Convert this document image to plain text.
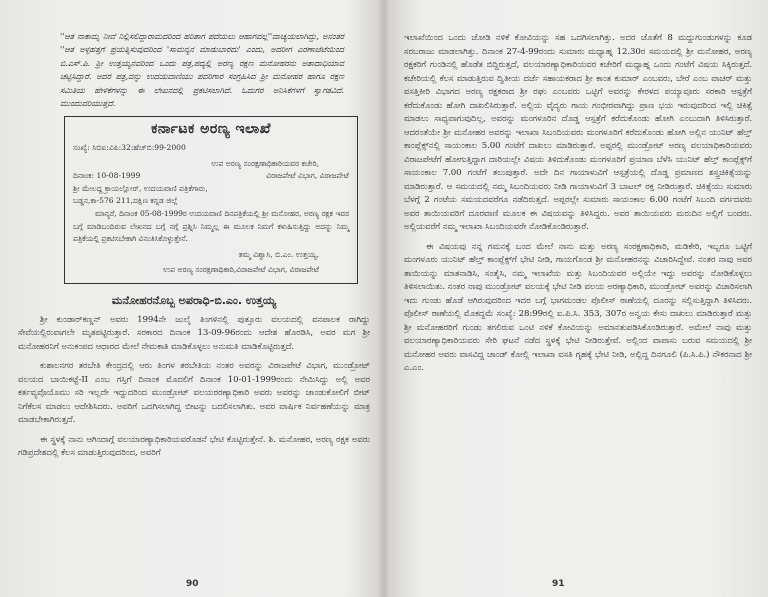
''ಆತ ನಾಕಾಮ್ನ ನೀವೆ ನಿಲ್ಲಿಸಲಿದ್ದಾರಾಮದರಿಂದ ಹರಿತಾಗ ಪದೆಯಲು ಆಹಾಗವಲ್ಲ''ವಾಚ್ಯಯಲಾಗಿದ್ದು, ಅನಂತರ ''ಆತ ಅಳ್ಳಹತ್ತಗೆ ಪ್ರಯತ್ನಿಸುವುದರಿಂದ 'ಸಾಮನ್ಯನ ಮಾಡುಬಾರದು' ಎಂದು, ಅದರೀಗ ಎರಣಾಜೆಟೆಯಿಂದ ಬಿ.ಎಸ್.ಪಿ. ಶ್ರೀ ಉತ್ತಯ್ಯನವರಿಂದ ಒಂದು ಪತ್ರ,ಪದ್ಯಲ್ಲಿ ಅರಣ್ಯ ರಕ್ಷಣ ಮನೋಹರನು ಅತಾದಾಧಿಯಾವ ಚಟ್ಟಿಸಿದ್ದಾರೆ. ಅದರ ಪತ್ರ,ವನ್ನು ಉದಯವಾಣಿಯು ಪದರಿಗಾರ ಸಂಗ್ರಹಿಸಿದ ಶ್ರೀ ಮನೋಹರ ಹಾಗೂ ರಕ್ಷಣ ಸಮಿತಿಯ ಹೇಳಿಕೆಗಳನ್ನು ಈ ಲೇಖನದಲ್ಲಿ ಪ್ರಕಟಿಸಲಾಗಿದೆ. ಓದುಗರ ಅನಿಸಿಕೆಗಳಗೆ ಸ್ವಾಗತವಿದೆ. ಮುಂದುವರಿಯುತ್ತದೆ.

ಕರ್ನಾಟಕ ಅರಣ್ಯ ಇಲಾಖೆ
ಸಂಖ್ಯೆ: ಸಿಬಿಐ:ವಿಪಿ:32:ಹೆಚ್‌ಬಿ:99-2000
ಉಪ ಅರಣ್ಯ ಸಂರಕ್ಷಣಾಧಿಕಾರಿಯವರ ಕಚೇರಿ,
ದಿನಾಂಕ: 10-08-1999	ವಿರಾಜಪೇಟೆ ವಿಭಾಗ, ವಿರಾಜಪೇಟೆ
ಶ್ರೀ ಮೇಲದ್ದ ಕ್ರಾಯಲ್ಲೋರ್, ಉದಯವಾಣಿ ಪತ್ರಿಕೆಗಾರು,
ಬಡ್ಡನ,ಕಾ-576 211,ದಕ್ಷಿಣ ಕನ್ನಡ ಜಿಲ್ಲೆ
ಮಾನ್ಯರೆ, ದಿನಾಂಕ 05-08-1999ರ ಉದಯವಾಣಿ ದಿನಪತ್ರಿಕೆಯಲ್ಲಿ ಶ್ರೀ ಮನೋಹರ, ಅರಣ್ಯ ರಕ್ಷಕ ಇವರ ಬಗ್ಗೆ ಮಾಡಿಬಂದಿರುವ ಲೇಖನದ ಬಗ್ಗೆ ನಗ್ಗೆ ಪ್ರಶ್ನಿಸಿ ನಿಮ್ಮಲ್ಲ ಈ ಮೂಲಕ ನಿಮಗೆ ಕಳುಹಿಸುತ್ತಿದ್ದು ಅದನ್ನು ನಿಮ್ಮ ಪತ್ರಿಕೆಯಲ್ಲಿ ಪ್ರಕಟಿಸಬೇಕಾಗಿ ವಿನಂತಿಸಿಕೊಳ್ಳುತ್ತೇನೆ.
ತಮ್ಮ ವಿಶ್ವಾಸಿ, ಬಿ.ಎಂ. ಉತ್ತಯ್ಯ,
ಉಪ ಅರಣ್ಯ ಸಂರಕ್ಷಣಾಧಿಕಾರಿ,ವಿರಾಜಪೇಟೆ ವಿಭಾಗ, ವಿರಾಜಪೇಟೆ
ಮನೋಹರನೊಬ್ಬ ಅಪರಾಧಿ-ಬಿ.ಎಂ. ಉತ್ತಯ್ಯ

ಶ್ರೀ ಕುಂಡಾರ್‌ಕಣ್ಣನ್ ಅವರು 1994ನೇ ಜುಲೈ ತಿಂಗಳಿನಲ್ಲಿ ಪುತ್ತೂರು ವಲಯದಲ್ಲಿ ವನಪಾಲಕ ರಾಗಿದ್ದು ಸೇವೆಯಲ್ಲಿರುವಾಗಲೇ ಮೃತಪಟ್ಟಿರುತ್ತಾರೆ. ಸರಕಾರದ ದಿನಾಂಕ 13-09-96ರಂದು ಆದೇಶ ಹೊರಡಿಸಿ, ಅವರ ಮಗ ಶ್ರೀ ಮನೋಹರನಿಗೆ ಅನುಕಂಪದ ಆಧಾರದ ಮೇಲೆ ನೇಮಕಾತಿ ಮಾಡಿಕೊಳ್ಳಲು ಅನುಮತಿ ಮಾಡಿಕೊಟ್ಟಿರುತ್ತದೆ.

ಕುಶಾಲನಗರ ತರಬೇತಿ ಕೇಂದ್ರದಲ್ಲಿ ಆರು ತಿಂಗಳ ತರಬೇತಿಯ ನಂತರ ಅವರನ್ನು ವಿರಾಜಪೇಟೆ ವಿಭಾಗ, ಮುಂಡ್ರೋಟ್ ವಲಯದ ಬಾಯಿಕಟ್ಟೆ-II ಎಂಬ ಗಸ್ತಿಗೆ ದಿನಾಂಕ ಮೊದಲಿಗೆ ದಿನಾಂಕ 10-01-1999ರಂದು ನೇಮಿಸಿದ್ದು ಅಲ್ಲಿ ಅವರ ಕರ್ತವ್ಯವೊಯೊಮು ಸರಿ ಇಲ್ಲದೇ ಇದ್ದುದರಿಂದ ಮುಂಡ್ರೋಟ್ ವಲಯರರಣ್ಯಾಧಿಕಾರಿ ಅವರು ಅವರನ್ನು ಚಾಂಡುಕೋಲಿಗೆ ಬೀಟ್ ನಿಗೆಕೆಲಸ ಮಾಡಲು ಆದೇಶಿಸಿದರು. ಅವರಿಗೆ ಒದಗಿಸಲಾಗಿದ್ದ ಬೀಟನ್ನು ಬದಲಿಸಲಾಗಿತು. ಅವರ ವಾರ್ಷಿಕ ನಿರ್ವಹಣೆಯನ್ನು ಮಾತ್ರ ಮಾಡಬೇಕಾಗಿರುತ್ತದೆ.

ಈ ಸ್ಥಳಕ್ಕೆ ನಾನು ಆಗಿಂದಾಗ್ಗೆ ವಲಯಾರಣ್ಯಾಧಿಕಾರಿಯವರೊಡನೆ ಭೇಟಿ ಕೊಟ್ಟಿರುತ್ತೇನೆ. ಶಿ. ಮನೋಹರ, ಅರಣ್ಯ ರಕ್ಷಕ ಅವರು ಗಡಿಪ್ರದೇಶದಲ್ಲಿ ಕೆಲಸ ಮಾಡುತ್ತಿರುವುದರಿಂದ, ಅವರಿಗೆ

90

ಇಲಾಖೆಯಿಂದ ಒಂದು ಜೋಡಿ ನಳಿಕೆ ಕೋವಿಯನ್ನು ಸಹ ಒದಗಿಸಲಾಗಿತ್ತು. ಅದರ ಜೊತೆಗೆ 8 ಮದ್ದುಗುಂಡುಗಳನ್ನು ಕೂಡ ಸರಬರಾಜು ಮಾಡಲಾಗಿತ್ತು. ದಿನಾಂಕ 27-4-99ರಂದು ಸುಮಾರು ಮಧ್ಯಾಹ್ನ 12.30ರ ಸಮಯದಲ್ಲಿ ಶ್ರೀ ಮನೋಹರ, ಅರಣ್ಯ ರಕ್ಷಕರಿಗೆ ಗುಂಡಿನಲ್ಲಿ ಹೊಡೆತ ಬಿದ್ದಿರುತ್ತದೆ, ವಲಯಾರಣ್ಯಾಧಿಕಾರಿಯವರ ಕಚೇರಿಗೆ ಮಧ್ಯಾಹ್ನ ಒಂದು ಗಂಟೆಗೆ ವಿಷಯ ಸಿಕ್ಕಿರುತ್ತದೆ. ಕಚೇರಿಯಲ್ಲಿ ಕೆಲಸ ಮಾಡುತ್ತಿರುವ ದ್ವಿತೀಯ ದರ್ಜೆ ಸಹಾಯಕರಾದ ಶ್ರೀ ಕಾಂತ ಕುಮಾರ್ ಎಂಬವರು, ಬೇರೆ ಎಂಬ ವಾಚರ್ ಮತ್ತು ವಸತ್ತಿಕೀರಿ ವಿಭಾಗದ ಅರಣ್ಯ ರಕ್ಷಕರಾದ ಶ್ರೀ ರಘು ಎಂಬವರು ಒಟ್ಟಿಗೆ ಅವರನ್ನು ಕೇರಳದ ಪಯ್ಯಾವೂರು ಸರಕಾರಿ ಆಸ್ಪತ್ರೆಗೆ ಕರೆದುಕೊಂಡು ಹೋಗಿ ದಾಖಲಿಸಿರುತ್ತಾರೆ. ಅಲ್ಲಿಯ ವೈದ್ಯರು ಗಾಯ ಗಂಭೀರವಾಗಿದ್ದು ಪ್ರಾಣ ಭಯ ಇರುವುದರಿಂದ ಇಲ್ಲಿ ಚಿಕಿತ್ಸೆ ಮಾಡಲು ಸಾಧ್ಯವಾಗುವುದಿಲ್ಲ, ಅವರನ್ನು ಮಂಗಳೂರಿನ ದೊಡ್ಡ ಆಸ್ಪತ್ರೆಗೆ ಕರೆದುಕೊಂಡು ಹೋಗಿ ಎಂಬುದಾಗಿ ತಿಳಿಸಿರುತ್ತಾರೆ. ಆದರಂತೆಯೇ ಶ್ರೀ ಮನೋಹರ ಅವರನ್ನು ಇಲಾಖಾ ಸಿಬಂದಿಯವರು ಮಂಗಳೂರಿಗೆ ಕರೆದುಕೊಂಡು ಹೋಗಿ ಅಲ್ಲಿನ ಯುನಿಟ್ ಹೆಲ್ತ್ ಕಾಂಪ್ಲೆಕ್ಸ್‌ನಲ್ಲಿ ಸಾಯಂಕಾಲ 5.00 ಗಂಟೆಗೆ ದಾಖಲು ಮಾಡಿರುತ್ತಾರೆ. ಅಪ್ಪರಲ್ಲಿ ಮುಂಡ್ರೋಟ್ ಅರಣ್ಯ ವಲಯಾಧಿಕಾರಿಯವರು ವಿರಾಜಪೇಟೆಗೆ ಹೋಗುತ್ತಿದ್ದಾಗ ದಾರಿಯಲ್ಲೇ ವಿಷಯ ತಿಳಿದುಕೊಂಡು ಮಂಗಳೂರಿಗೆ ಪ್ರಯಾಣ ಬೆಳೆಸಿ ಯುನಿಟ್ ಹೆಲ್ತ್ ಕಾಂಪ್ಲೆಕ್ಸ್‌ಗೆ ಸಾಯಂಕಾಲ 7.00 ಗಂಟೆಗೆ ತಲುಪುತ್ತಾರೆ. ಅದೇ ದಿನ ಗಾಯಾಳುವಿಗೆ ಆಸ್ಪತ್ರೆಯಲ್ಲಿ ದೊಡ್ಡ ಪ್ರಮಾಣದ ಶಸ್ತ್ರಚಿಕಿತ್ಸೆಯನ್ನು ಮಾಡಿರುತ್ತಾರೆ. ಆ ಸಮಯದಲ್ಲಿ ನಮ್ಮ ಸಿಬಂದಿಯವರು ನೀಡಿ ಗಾಯಾಳುವಿಗೆ 3 ಬಾಟಲ್ ರಕ್ತ ನೀಡಿರುತ್ತಾರೆ. ಚಿಕಿತ್ಸೆಯು ಸುಮಾರು ಬೆಳಗ್ಗೆ 2 ಗಂಟೆಯ ಸಮಯದವರೆಗೂ ನಡೆದಿರುತ್ತದೆ. ಅಪ್ಪರಲ್ಲೇ ಸುಮಾರು ಸಾಯಂಕಾಲ 6.00 ಗಂಟೆಗೆ ಸಿಬಂದಿ ವರ್ಗದವರು ಅವರ ತಾಯಿಯವರಿಗೆ ದೂರವಾಣಿ ಮೂಲಕ ಈ ವಿಷಯವನ್ನು ತಿಳಿಸಿದ್ದರು. ಅವರ ತಾಯಿಯವರು ಮರುದಿನ ಅಲ್ಲಿಗೆ ಬಂದರು. ಅಲ್ಲಿಯವರೆಗೆ ನಮ್ಮ ಇಲಾಖಾ ಸಿಬಂದಿಯವರೇ ನೋಡಿಕೊಂಡಿರುತ್ತಾರೆ.

ಈ ವಿಷಯವು ನನ್ನ ಗಮನಕ್ಕೆ ಬಂದ ಮೇಲೆ ನಾನು ಮತ್ತು ಅರಣ್ಯ ಸಂರಕ್ಷಣಾಧಿಕಾರಿ, ಮಡಿಕೇರಿ, ಇಬ್ಬರೂ ಒಟ್ಟಿಗೆ ಮಂಗಳೂರು ಯುನಿಟ್ ಹೆಲ್ತ್ ಕಾಂಪ್ಲೆಕ್ಸ್‌ಗೆ ಭೇಟಿ ನೀಡಿ, ಗಾಯಗೊಂಡ ಶ್ರೀ ಮನೋಹರನನ್ನು ವಿಚಾರಿಸಿದ್ದೇವೆ. ನಂತರ ನಾವು ಅವರ ತಾಯಿಯನ್ನು ಮಾತನಾಡಿಸಿ, ಸಂತೈಸಿ, ನಮ್ಮ ಇಲಾಖೆಯ ಮತ್ತು ಸಿಬಂದಿಯವರ ಅಲ್ಲಿಯೇ ಇದ್ದು ಅವರನ್ನು ನೋಡಿಕೊಳ್ಳಲು ತಿಳಿಸಲಾಯಿತು. ನಂತರ ನಾವು ಮುಂಡ್ರೋಟ್ ವಲಯಕ್ಕೆ ಭೇಟಿ ನೀಡಿ ವಲಯ ಅರಣ್ಯಾಧಿಕಾರಿ, ಮುಂಡ್ರೋಟ್ ಅವರನ್ನು ವಿಚಾರಿಸಲಾಗಿ ಇದು ಗುಂಡು ಹೊಡೆ ಆಗಿರುವುದರಿಂದ ಇದರ ಬಗ್ಗೆ ಭಾಗಮಂಡಲ ಪೊಲೀಸ್ ಠಾಣೆಯಲ್ಲಿ ದೂರನ್ನು ಸಲ್ಲಿಸುತ್ತಿದ್ದಾಗಿ ತಿಳಿಸಿದರು. ಪೊಲೀಸ್ ಠಾಣೆಯಲ್ಲಿ ಮೊಕದ್ದಮೆ ಸಂಖ್ಯೆ: 28:99ರಲ್ಲಿ ಐ.ಪಿ.ಸಿ. 353, 307ರ ಅನ್ವಯ ಕೇಸು ದಾಖಲು ಮಾಡಿರುತ್ತಾರೆ ಮತ್ತು ಶ್ರೀ ಮನೋಹರರಿಗೆ ಗುಂಡು ತಗಲಿರುವ ಒಂಟಿ ನಳಿಕೆ ಕೋವಿಯನ್ನು ಅಮಾನತುಪಡಿಸಿಕೊಂಡಿರುತ್ತಾರೆ. ಅಮೇಲೆ ನಾವು ಮತ್ತು ವಲಯಾರಣ್ಯಾಧಿಕಾರಿಯವರು ಸೇರಿ ಘಟನೆ ನಡೆದ ಸ್ಥಳಕ್ಕೆ ಭೇಟಿ ನೀಡಿರುತ್ತೇವೆ. ಅಲ್ಲಿಂದ ವಾಪಾಸು ಬರುವ ಸಮಯದಲ್ಲಿ ಶ್ರೀ ಮನೋಹರ ಅವರು ವಾಸವಿದ್ದ ಚಾಂಡ್ ಕೋಲ್ಲಿ ಇಲಾಖಾ ವಸತಿ ಗೃಹಕ್ಕೆ ಭೇಟಿ ನೀಡಿ, ಅಲ್ಲಿದ್ದ ದಿನಗೂಲಿ (ಪಿ.ಸಿ.ಪಿ.) ನೌಕರನಾದ ಶ್ರೀ ಎ.ಎಂ.

91
